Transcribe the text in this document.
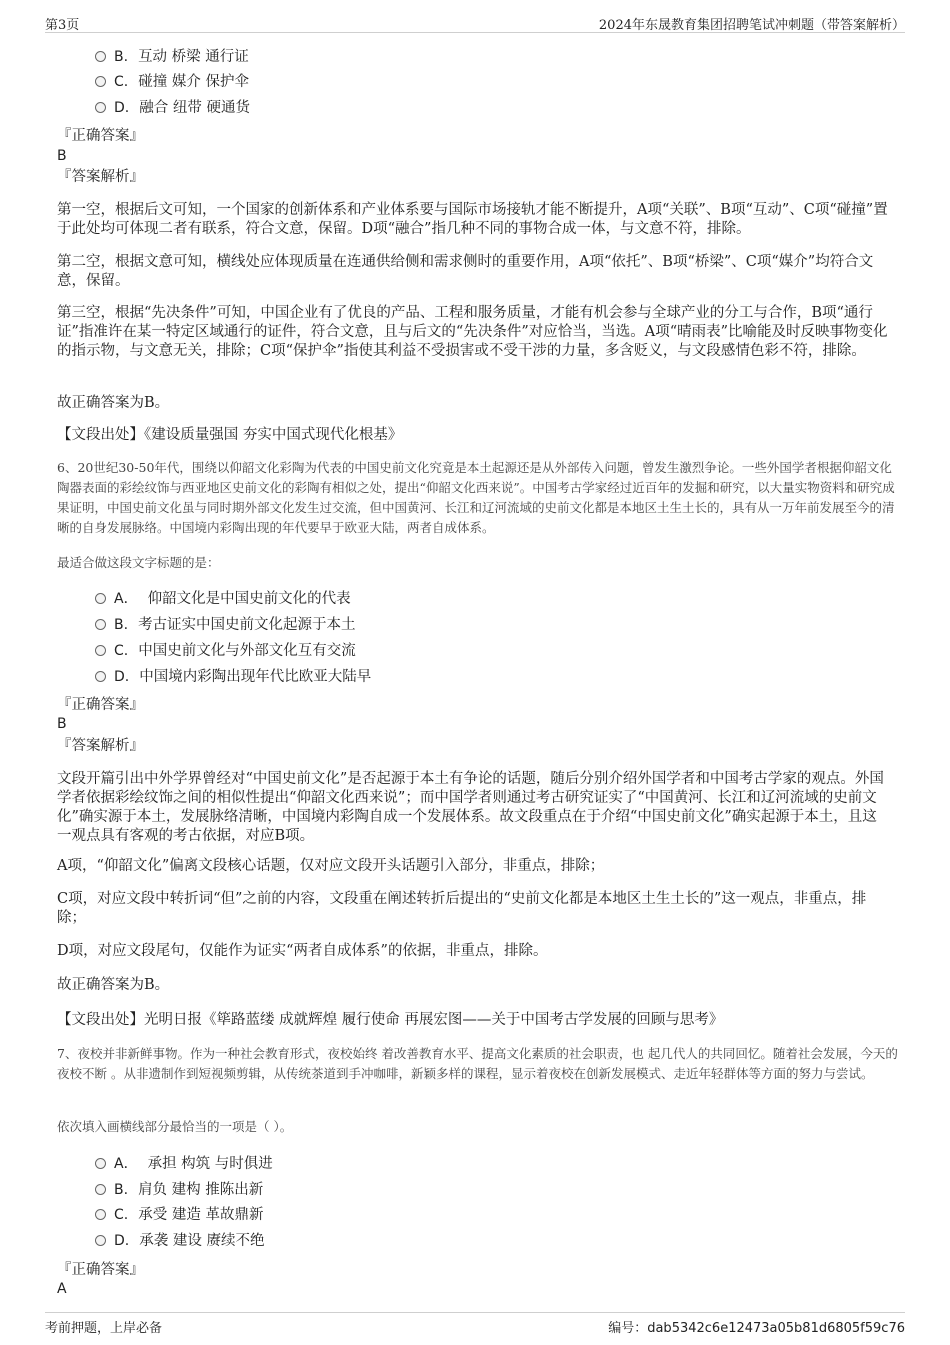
第3页	2024年东晟教育集团招聘笔试冲刺题（带答案解析）
B. 互动 桥梁 通行证
C. 碰撞 媒介 保护伞
D. 融合 纽带 硬通货
『正确答案』
B
『答案解析』
第一空，根据后文可知，一个国家的创新体系和产业体系要与国际市场接轨才能不断提升，A项“关联”、B项“互动”、C项“碰撞”置于此处均可体现二者有联系，符合文意，保留。D项“融合”指几种不同的事物合成一体，与文意不符，排除。
第二空，根据文意可知，横线处应体现质量在连通供给侧和需求侧时的重要作用，A项“依托”、B项“桥梁”、C项“媒介”均符合文意，保留。
第三空，根据“先决条件”可知，中国企业有了优良的产品、工程和服务质量，才能有机会参与全球产业的分工与合作，B项“通行证”指准许在某一特定区域通行的证件，符合文意，且与后文的“先决条件”对应恰当，当选。A项“晴雨表”比喻能及时反映事物变化的指示物，与文意无关，排除；C项“保护伞”指使其利益不受损害或不受干涉的力量，多含贬义，与文段感情色彩不符，排除。
故正确答案为B。
【文段出处】《建设质量强国 夯实中国式现代化根基》
6、20世纪30-50年代，围绕以仰韶文化彩陶为代表的中国史前文化究竟是本土起源还是从外部传入问题，曾发生激烈争论。一些外国学者根据仰韶文化陶器表面的彩绘纹饰与西亚地区史前文化的彩陶有相似之处，提出“仰韶文化西来说”。中国考古学家经过近百年的发掘和研究，以大量实物资料和研究成果证明，中国史前文化虽与同时期外部文化发生过交流，但中国黄河、长江和辽河流域的史前文化都是本地区土生土长的，具有从一万年前发展至今的清晰的自身发展脉络。中国境内彩陶出现的年代要早于欧亚大陆，两者自成体系。
最适合做这段文字标题的是：
A． 仰韶文化是中国史前文化的代表
B. 考古证实中国史前文化起源于本土
C. 中国史前文化与外部文化互有交流
D. 中国境内彩陶出现年代比欧亚大陆早
『正确答案』
B
『答案解析』
文段开篇引出中外学界曾经对“中国史前文化”是否起源于本土有争论的话题，随后分别介绍外国学者和中国考古学家的观点。外国学者依据彩绘纹饰之间的相似性提出“仰韶文化西来说”；而中国学者则通过考古研究证实了“中国黄河、长江和辽河流域的史前文化”确实源于本土，发展脉络清晰，中国境内彩陶自成一个发展体系。故文段重点在于介绍“中国史前文化”确实起源于本土，且这一观点具有客观的考古依据，对应B项。
A项，“仰韶文化”偏离文段核心话题，仅对应文段开头话题引入部分，非重点，排除；
C项，对应文段中转折词“但”之前的内容，文段重在阐述转折后提出的“史前文化都是本地区土生土长的”这一观点，非重点，排除；
D项，对应文段尾句，仅能作为证实“两者自成体系”的依据，非重点，排除。
故正确答案为B。
【文段出处】光明日报《筚路蓝缕 成就辉煌 履行使命 再展宏图——关于中国考古学发展的回顾与思考》
7、夜校并非新鲜事物。作为一种社会教育形式，夜校始终 着改善教育水平、提高文化素质的社会职责，也 起几代人的共同回忆。随着社会发展，今天的夜校不断 。从非遗制作到短视频剪辑，从传统茶道到手冲咖啡，新颖多样的课程，显示着夜校在创新发展模式、走近年轻群体等方面的努力与尝试。
依次填入画横线部分最恰当的一项是（ ）。
A． 承担 构筑 与时俱进
B. 肩负 建构 推陈出新
C. 承受 建造 革故鼎新
D. 承袭 建设 赓续不绝
『正确答案』
A
考前押题，上岸必备	编号：dab5342c6e12473a05b81d6805f59c76
